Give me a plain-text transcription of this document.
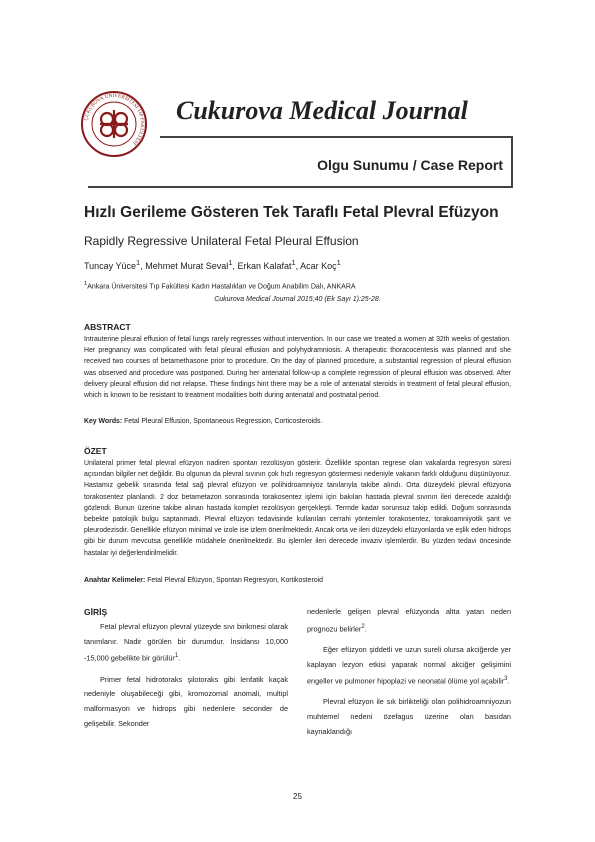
ÇUKUROVA ÜNİVERSİTESİ TIP FAKÜLTESİ
Cukurova Medical Journal
Olgu Sunumu / Case Report
Hızlı Gerileme Gösteren Tek Taraflı Fetal Plevral Efüzyon
Rapidly Regressive Unilateral Fetal Pleural Effusion
Tuncay Yüce$^1$, Mehmet Murat Seval$^1$, Erkan Kalafat$^1$, Acar Koç$^1$
$^1$Ankara Üniversitesi Tıp Fakültesi Kadın Hastalıkları ve Doğum Anabilim Dalı, ANKARA
Cukurova Medical Journal 2015;40 (Ek Sayı 1):25-28.
ABSTRACT
Intrauterine pleural effusion of fetal lungs rarely regresses without intervention. In our case we treated a women at 32th weeks of gestation. Her pregnancy was complicated with fetal pleural effusion and polyhydramniosis. A therapeutic thoracocentesis was planned and she received two courses of betamethasone prior to procedure. On the day of planned procedure, a substantial regression of pleural effusion was observed and procedure was postponed. During her antenatal follow-up a complete regression of pleural effusion was observed. After delivery pleural effusion did not relapse. These findings hint there may be a role of antenatal steroids in treatment of fetal pleural effusion, which is known to be resistant to treatment modalities both during antenatal and postnatal period.
Key Words: Fetal Pleural Effusion, Spontaneous Regression, Corticosteroids.
ÖZET
Unilateral primer fetal plevral efüzyon nadiren spontan rezolüsyon gösterir. Özellikle spontan regrese olan vakalarda regresyon süresi açısından bilgiler net değildir. Bu olgunun da plevral sıvının çok hızlı regresyon göstermesi nedeniyle vakanın farklı olduğunu düşünüyoruz. Hastamız gebelik sırasında fetal sağ plevral efüzyon ve polihidroamniyoz tanılarıyla takibe alındı. Orta düzeydeki plevral efüzyona torakosentez planlandı. 2 doz betametazon sonrasında torakosentez işlemi için bakılan hastada plevral sıvının ileri derecede azaldığı gözlendi. Bunun üzerine takibe alınan hastada komplet rezolüsyon gerçekleşti. Termde kadar sorunsuz takip edildi. Doğum sonrasında bebekte patolojik bulgu saptanmadı. Plevral efüzyon tedavisinde kullanılan cerrahi yöntemler torakosentez, torakoamniyotik şant ve pleurodezisdir. Genellikle efüzyon minimal ve izole ise izlem önerilmektedir. Ancak orta ve ileri düzeydeki efüzyonlarda ve eşlik eden hidrops gibi bir durum mevcutsa genellikle müdahele önerilmektedir. Bu işlemler ileri derecede invaziv işlemlerdir. Bu yüzden tedavi öncesinde hastalar iyi değerlendirilmelidir.
Anahtar Kelimeler: Fetal Plevral Efüzyon, Spontan Regresyon, Kortikosteroid
GİRİŞ

Fetal plevral efüzyon plevral yüzeyde sıvı birikmesi olarak tanımlanır. Nadir görülen bir durumdur. İnsidansı 10,000 -15,000 gebelikte bir görülür$^1$.

Primer fetal hidrotoraks şilotoraks gibi lenfatik kaçak nedeniyle oluşabileceği gibi, kromozomal anomali, multipl malformasyon ve hidrops gibi nedenlere seconder de gelişebilir. Sekonder

nedenlerle gelişen plevral efüzyonda altta yatan neden prognozu belirler$^2$.

Eğer efüzyon şiddetli ve uzun sureli olursa akciğerde yer kaplayan lezyon etkisi yaparak normal akciğer gelişimini engeller ve pulmoner hipoplazi ve neonatal ölüme yol açabilir$^3$.

Plevral efüzyon ile sık birlikteliği olan polihidroamniyozun muhtemel nedeni özefagus üzerine olan basıdan kaynaklandığı

25
